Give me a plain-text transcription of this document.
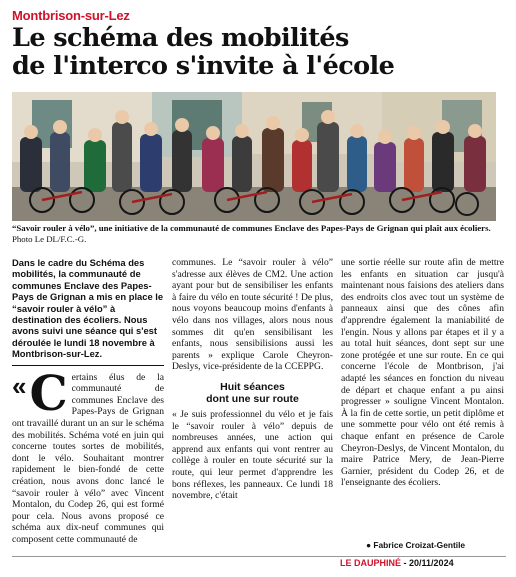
Montbrison-sur-Lez
Le schéma des mobilités
de l'interco s'invite à l'école
“Savoir rouler à vélo”, une initiative de la communauté de communes Enclave des Papes-Pays de Grignan qui plaît aux écoliers. Photo Le DL/F.C.-G.

Dans le cadre du Schéma des mobilités, la communauté de communes Enclave des Papes-Pays de Grignan a mis en place le “savoir rouler à vélo” à destination des écoliers. Nous avons suivi une séance qui s'est déroulée le lundi 18 novembre à Montbrison-sur-Lez.

« C ertains élus de la communauté de communes Enclave des Papes-Pays de Grignan ont travaillé durant un an sur le schéma des mobilités. Schéma voté en juin qui concerne toutes sortes de mobilités, dont le vélo. Souhaitant montrer rapidement le bien-fondé de cette création, nous avons donc lancé le “savoir rouler à vélo” avec Vincent Montalon, du Codep 26, qui est formé pour cela. Nous avons proposé ce schéma aux dix-neuf communes qui composent cette communauté de

communes. Le “savoir rouler à vélo” s'adresse aux élèves de CM2. Une action ayant pour but de sensibiliser les enfants à faire du vélo en toute sécurité ! De plus, nous voyons beaucoup moins d'enfants à vélo dans nos villages, alors nous nous sommes dit qu'en sensibilisant les enfants, nous sensibilisions aussi les parents » explique Carole Cheyron-Deslys, vice-présidente de la CCEPPG.

Huit séances
dont une sur route

« Je suis professionnel du vélo et je fais le “savoir rouler à vélo” depuis de nombreuses années, une action qui apprend aux enfants qui vont rentrer au collège à rouler en toute sécurité sur la route, qui leur permet d'apprendre les bons réflexes, les panneaux. Ce lundi 18 novembre, c'était

une sortie réelle sur route afin de mettre les enfants en situation car jusqu'à maintenant nous faisions des ateliers dans des endroits clos avec tout un système de panneaux ainsi que des cônes afin d'apprendre également la maniabilité de l'engin. Nous y allons par étapes et il y a au total huit séances, dont sept sur une zone protégée et une sur route. En ce qui concerne l'école de Montbrison, j'ai adapté les séances en fonction du niveau de départ et chaque enfant a pu ainsi progresser » souligne Vincent Montalon. À la fin de cette sortie, un petit diplôme et une sommette pour vélo ont été remis à chaque enfant en présence de Carole Cheyron-Deslys, de Vincent Montalon, du maire Patrice Mery, de Jean-Pierre Garnier, président du Codep 26, et de l'enseignante des écoliers.

● Fabrice Croizat-Gentile
LE DAUPHINÉ - 20/11/2024
